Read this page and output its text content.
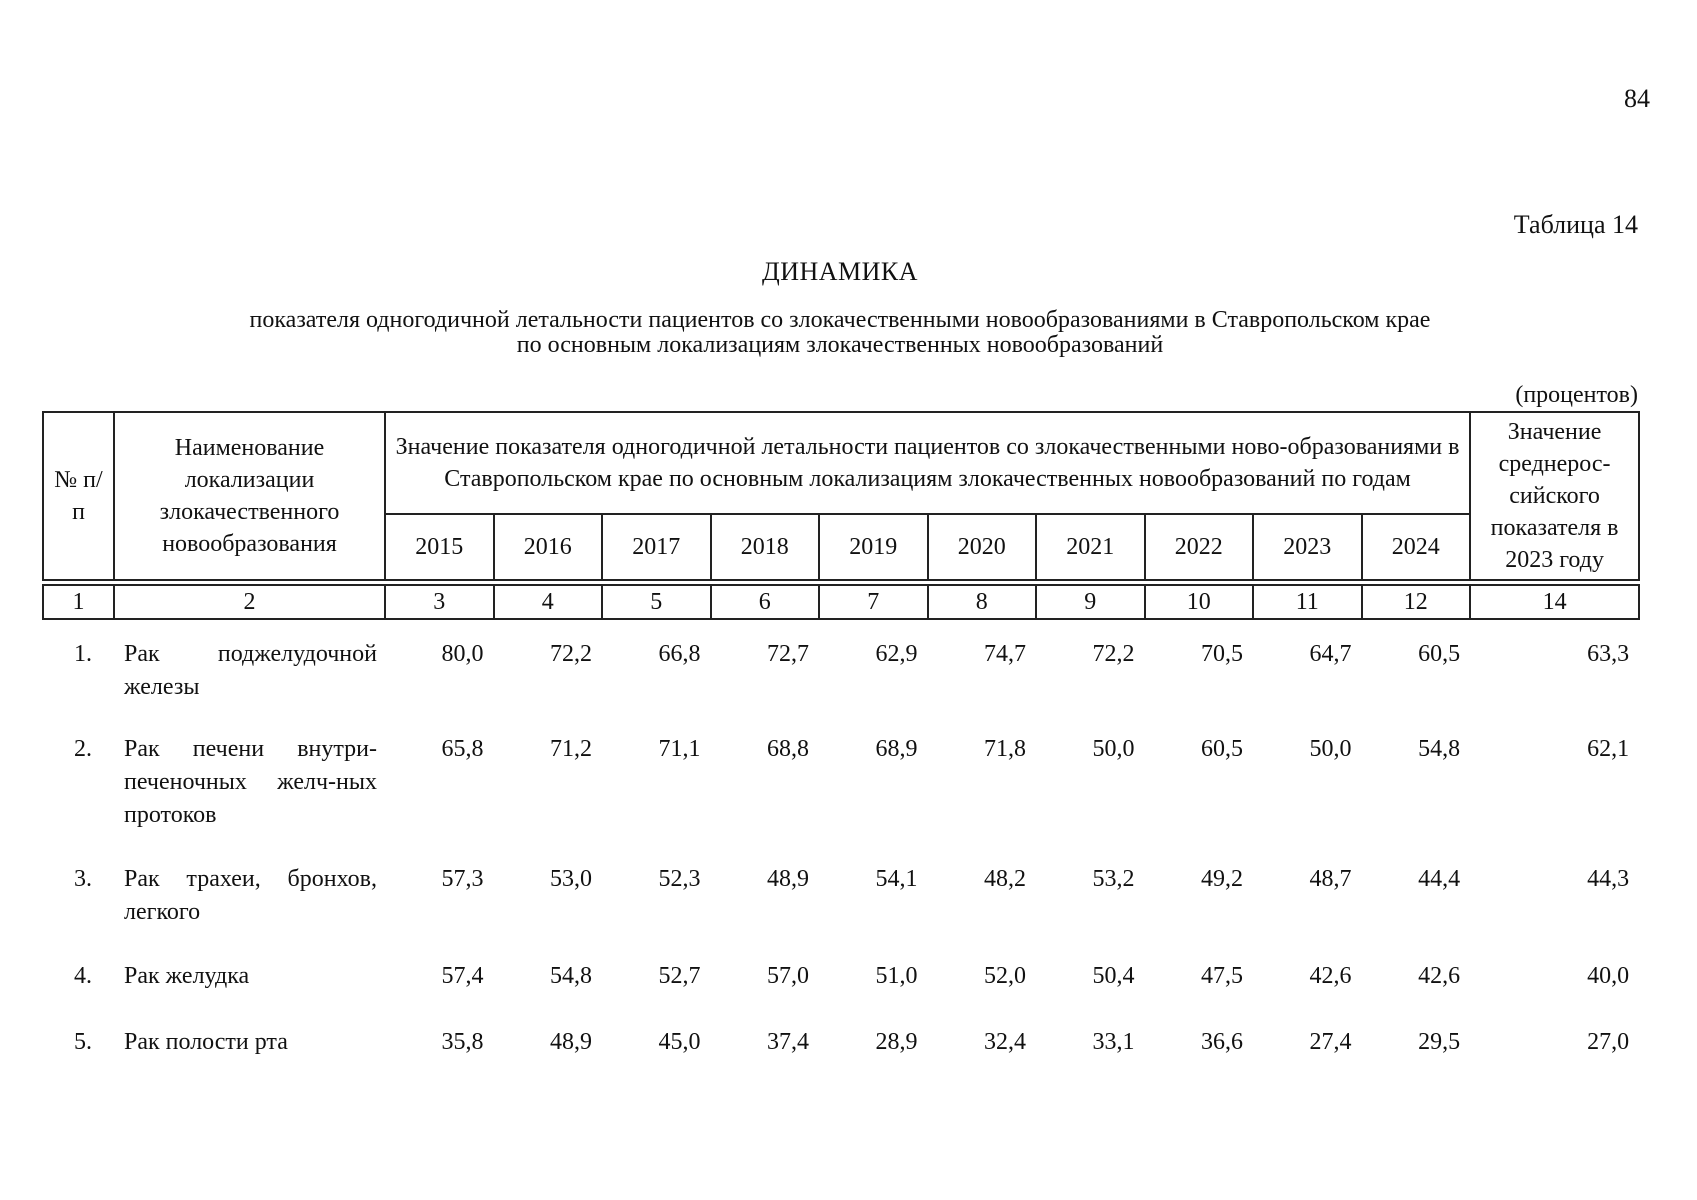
84
Таблица 14
ДИНАМИКА
показателя одногодичной летальности пациентов со злокачественными новообразованиями в Ставропольском крае
по основным локализациям злокачественных новообразований
(процентов)
№ п/п	Наименование локализации злокачественного новообразования	Значение показателя одногодичной летальности пациентов со злокачественными ново-образованиями в Ставропольском крае по основным локализациям злокачественных новообразований по годам										Значение среднерос-сийского показателя в 2023 году
		2015	2016	2017	2018	2019	2020	2021	2022	2023	2024	

1	2	3	4	5	6	7	8	9	10	11	12	14
1.	Рак поджелудочной железы	80,0	72,2	66,8	72,7	62,9	74,7	72,2	70,5	64,7	60,5	63,3
2.	Рак печени внутри-печеночных желч-ных протоков	65,8	71,2	71,1	68,8	68,9	71,8	50,0	60,5	50,0	54,8	62,1
3.	Рак трахеи, бронхов, легкого	57,3	53,0	52,3	48,9	54,1	48,2	53,2	49,2	48,7	44,4	44,3
4.	Рак желудка	57,4	54,8	52,7	57,0	51,0	52,0	50,4	47,5	42,6	42,6	40,0
5.	Рак полости рта	35,8	48,9	45,0	37,4	28,9	32,4	33,1	36,6	27,4	29,5	27,0
